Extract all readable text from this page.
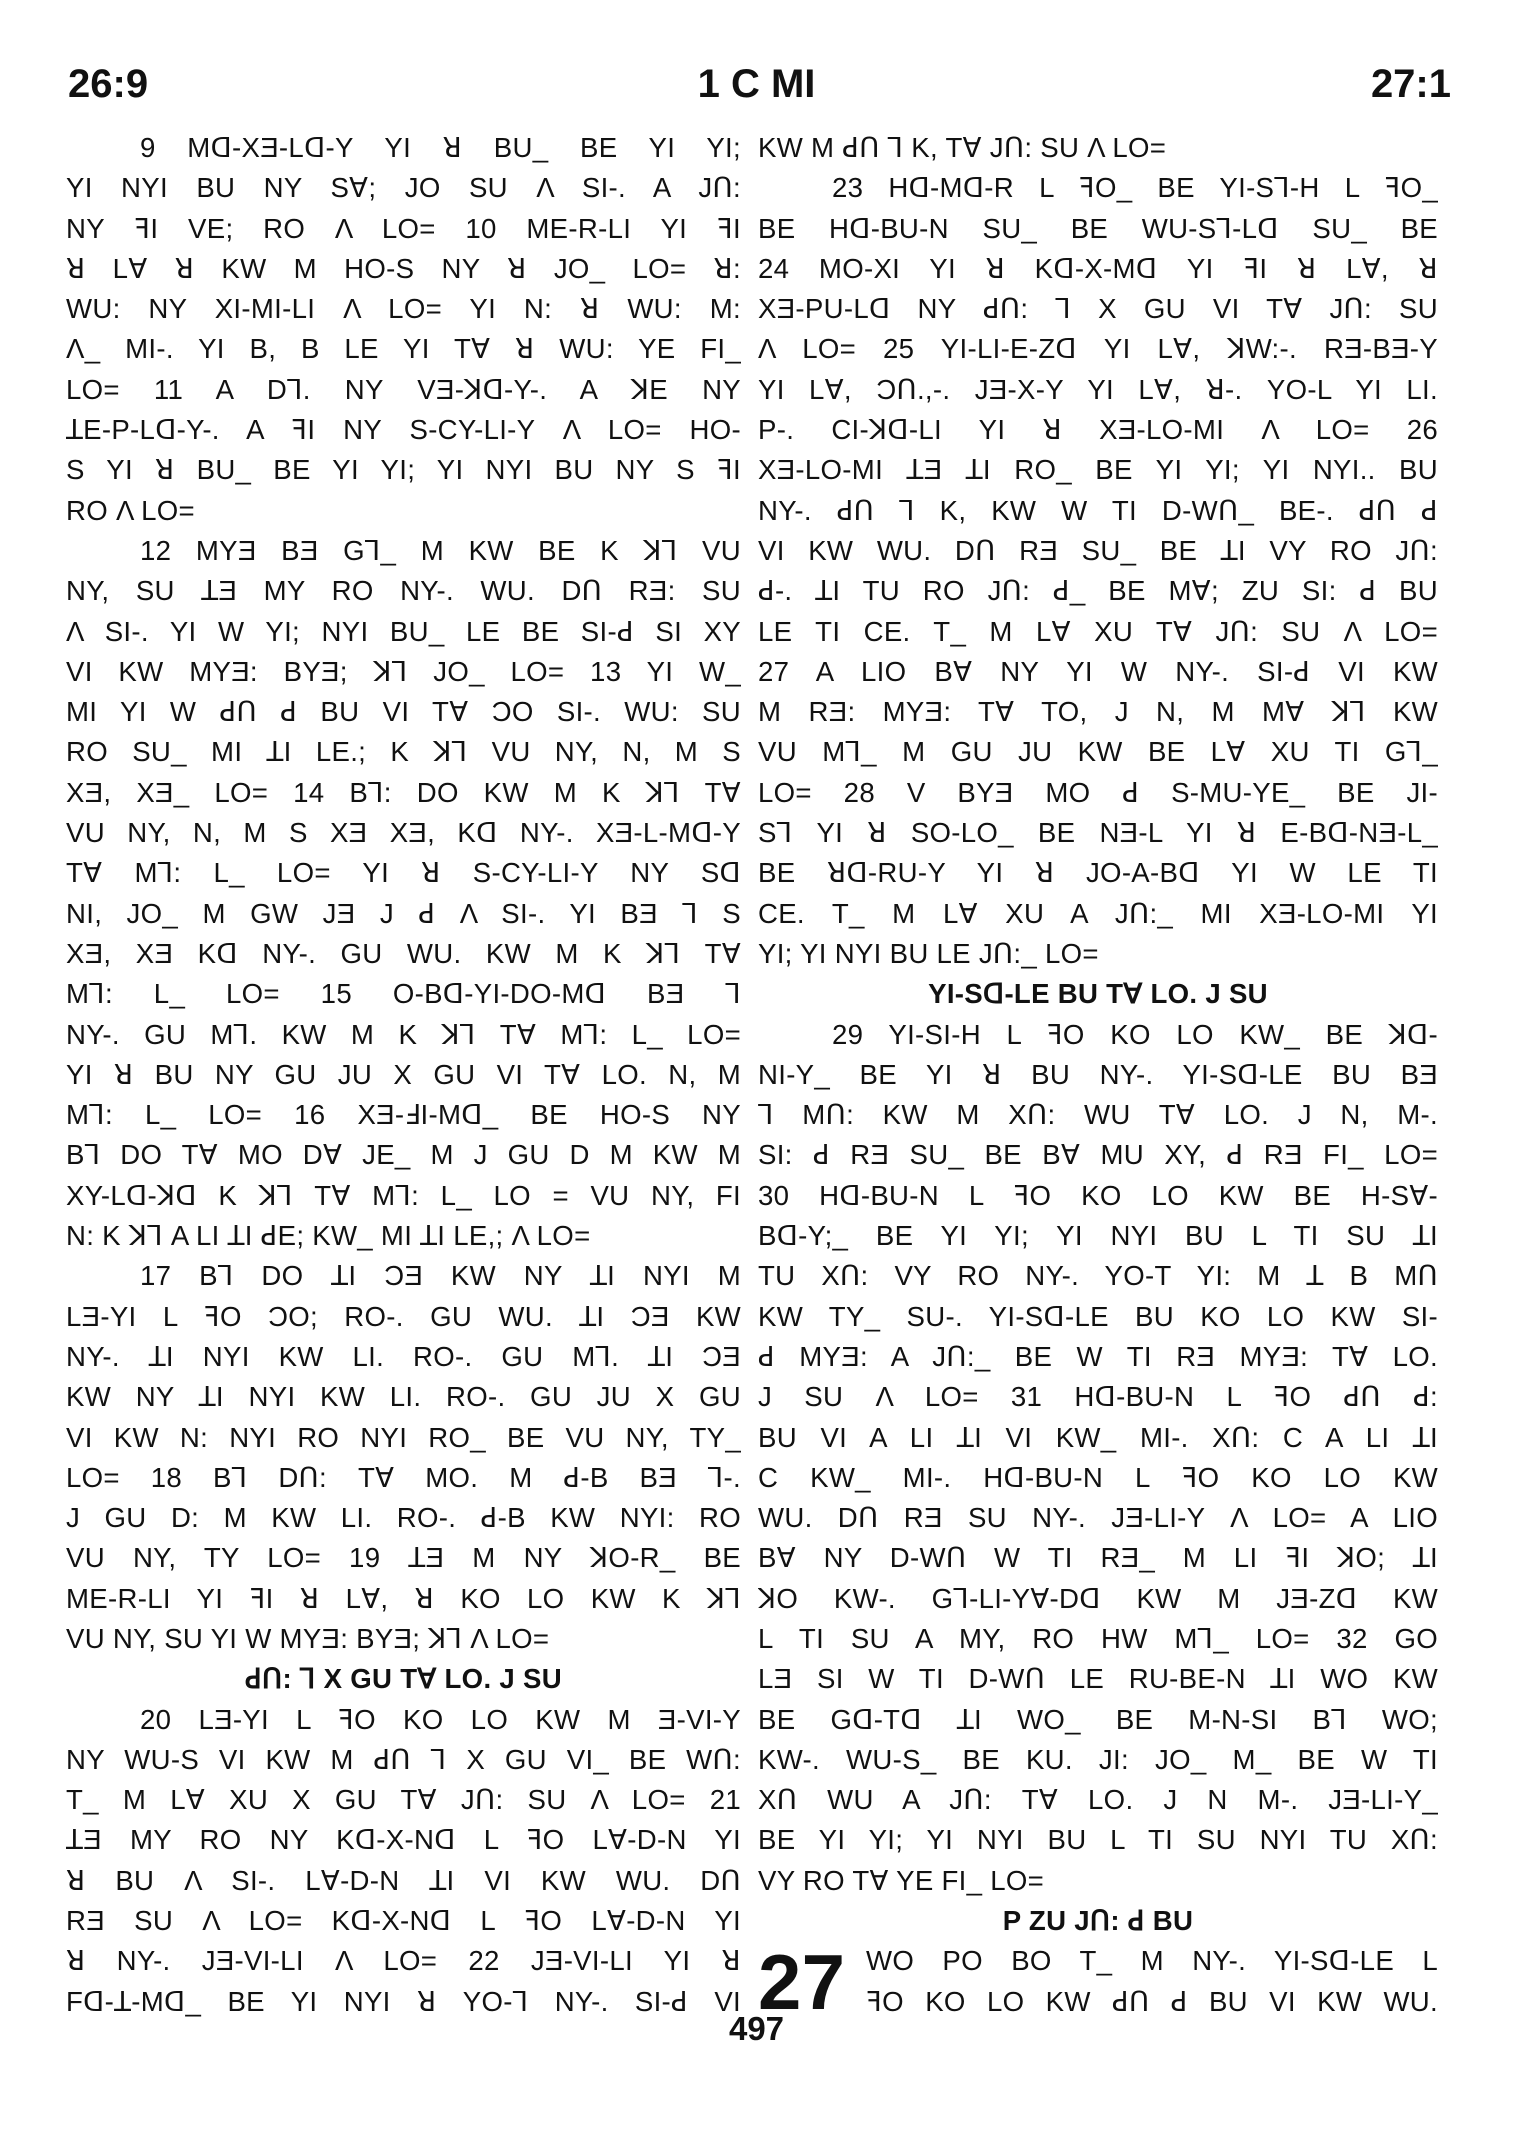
26:9	1 C MI	27:1
9 Mꓷ-XƎ-Lꓷ-Y YI ꓤ BU_ BE YI YI;
YI NYI BU NY SⱯ; JO SU Λ SI-. A Jꓵ:
NY ꟻI VE; RO Λ LO= 10 ME-R-LI YI ꟻI
ꓤ LⱯ ꓤ KW M HO-S NY ꓤ JO_ LO= ꓤ:
WU: NY XI-MI-LI Λ LO= YI N: ꓤ WU: M:
Λ_ MI-. YI B, B LE YI TⱯ ꓤ WU: YE FI_
LO= 11 A Dꓶ. NY VƎ-ꓘꓷ-Y-. A ꓘE NY
ꓕE-P-Lꓷ-Y-. A ꟻI NY S-CY-LI-Y Λ LO= HO-
S YI ꓤ BU_ BE YI YI; YI NYI BU NY S ꟻI
RO Λ LO=
12 MYƎ BƎ Gꓶ_ M KW BE K ꓘꓶ VU
NY, SU ꓕƎ MY RO NY-. WU. Dꓵ RƎ: SU
Λ SI-. YI W YI; NYI BU_ LE BE SI-ꓒ SI XY
VI KW MYƎ: BYƎ; ꓘꓶ JO_ LO= 13 YI W_
MI YI W ꓒꓵ ꓒ BU VI TⱯ ƆO SI-. WU: SU
RO SU_ MI ꓕI LE.; K ꓘꓶ VU NY, N, M S
XƎ, XƎ_ LO= 14 Bꓶ: DO KW M K ꓘꓶ TⱯ
VU NY, N, M S XƎ XƎ, Kꓷ NY-. XƎ-L-Mꓷ-Y
TⱯ Mꓶ: L_ LO= YI ꓤ S-CY-LI-Y NY Sꓷ
NI, JO_ M GW JƎ J ꓒ Λ SI-. YI BƎ ꓶ S
XƎ, XƎ Kꓷ NY-. GU WU. KW M K ꓘꓶ TⱯ
Mꓶ: L_ LO= 15 O-Bꓷ-YI-DO-Mꓷ BƎ ꓶ
NY-. GU Mꓶ. KW M K ꓘꓶ TⱯ Mꓶ: L_ LO=
YI ꓤ BU NY GU JU X GU VI TⱯ LO. N, M
Mꓶ: L_ LO= 16 XƎ-ꓞI-Mꓷ_ BE HO-S NY
Bꓶ DO TⱯ MO DⱯ JE_ M J GU D M KW M
XY-Lꓷ-ꓘꓷ K ꓘꓶ TⱯ Mꓶ: L_ LO = VU NY, FI
N: K ꓘꓶ A LI ꓕI ꓒE; KW_ MI ꓕI LE,; Λ LO=
17 Bꓶ DO ꓕI ƆƎ KW NY ꓕI NYI M
LƎ-YI L ꟻO ƆO; RO-. GU WU. ꓕI ƆƎ KW
NY-. ꓕI NYI KW LI. RO-. GU Mꓶ. ꓕI ƆƎ
KW NY ꓕI NYI KW LI. RO-. GU JU X GU
VI KW N: NYI RO NYI RO_ BE VU NY, TY_
LO= 18 Bꓶ Dꓵ: TⱯ MO. M ꓒ-B BƎ ꓶ-.
J GU D: M KW LI. RO-. ꓒ-B KW NYI: RO
VU NY, TY LO= 19 ꓕƎ M NY ꓘO-R_ BE
ME-R-LI YI ꟻI ꓤ LⱯ, ꓤ KO LO KW K ꓘꓶ
VU NY, SU YI W MYƎ: BYƎ; ꓘꓶ Λ LO=
ꓒꓵ: ꓶ X GU TⱯ LO. J SU
20 LƎ-YI L ꟻO KO LO KW M Ǝ-VI-Y
NY WU-S VI KW M ꓒꓵ ꓶ X GU VI_ BE Wꓵ:
T_ M LⱯ XU X GU TⱯ Jꓵ: SU Λ LO= 21
ꓕƎ MY RO NY Kꓷ-X-Nꓷ L ꟻO LⱯ-D-N YI
ꓤ BU Λ SI-. LⱯ-D-N ꓕI VI KW WU. Dꓵ
RƎ SU Λ LO= Kꓷ-X-Nꓷ L ꟻO LⱯ-D-N YI
ꓤ NY-. JƎ-VI-LI Λ LO= 22 JƎ-VI-LI YI ꓤ
Fꓷ-ꓕ-Mꓷ_ BE YI NYI ꓤ YO-ꓶ NY-. SI-ꓒ VI
KW M ꓒꓵ ꓶ K, TⱯ Jꓵ: SU Λ LO=
23 Hꓷ-Mꓷ-R L ꟻO_ BE YI-Sꓶ-H L ꟻO_
BE Hꓷ-BU-N SU_ BE WU-Sꓶ-Lꓷ SU_ BE
24 MO-XI YI ꓤ Kꓷ-X-Mꓷ YI ꟻI ꓤ LⱯ, ꓤ
XƎ-PU-Lꓷ NY ꓒꓵ: ꓶ X GU VI TⱯ Jꓵ: SU
Λ LO= 25 YI-LI-E-Zꓷ YI LⱯ, ꓘW:-. RƎ-BƎ-Y
YI LⱯ, Ɔꓵ.,-. JƎ-X-Y YI LⱯ, ꓤ-. YO-L YI LI.
P-. CI-ꓘꓷ-LI YI ꓤ XƎ-LO-MI Λ LO= 26
XƎ-LO-MI ꓕƎ ꓕI RO_ BE YI YI; YI NYI.. BU
NY-. ꓒꓵ ꓶ K, KW W TI D-Wꓵ_ BE-. ꓒꓵ ꓒ
VI KW WU. Dꓵ RƎ SU_ BE ꓕI VY RO Jꓵ:
ꓒ-. ꓕI TU RO Jꓵ: ꓒ_ BE MⱯ; ZU SI: ꓒ BU
LE TI CE. T_ M LⱯ XU TⱯ Jꓵ: SU Λ LO=
27 A LIO BⱯ NY YI W NY-. SI-ꓒ VI KW
M RƎ: MYƎ: TⱯ TO, J N, M MⱯ ꓘꓶ KW
VU Mꓶ_ M GU JU KW BE LⱯ XU TI Gꓶ_
LO= 28 V BYƎ MO ꓒ S-MU-YE_ BE JI-
Sꓶ YI ꓤ SO-LO_ BE NƎ-L YI ꓤ E-Bꓷ-NƎ-L_
BE ꓤꓷ-RU-Y YI ꓤ JO-A-Bꓷ YI W LE TI
CE. T_ M LⱯ XU A Jꓵ:_ MI XƎ-LO-MI YI
YI; YI NYI BU LE Jꓵ:_ LO=
YI-Sꓷ-LE BU TⱯ LO. J SU
29 YI-SI-H L ꟻO KO LO KW_ BE ꓘꓷ-
NI-Y_ BE YI ꓤ BU NY-. YI-Sꓷ-LE BU BƎ
ꓶ Mꓵ: KW M Xꓵ: WU TⱯ LO. J N, M-.
SI: ꓒ RƎ SU_ BE BⱯ MU XY, ꓒ RƎ FI_ LO=
30 Hꓷ-BU-N L ꟻO KO LO KW BE H-SⱯ-
Bꓷ-Y;_ BE YI YI; YI NYI BU L TI SU ꓕI
TU Xꓵ: VY RO NY-. YO-T YI: M ꓕ B Mꓵ
KW TY_ SU-. YI-Sꓷ-LE BU KO LO KW SI-
ꓒ MYƎ: A Jꓵ:_ BE W TI RƎ MYƎ: TⱯ LO.
J SU Λ LO= 31 Hꓷ-BU-N L ꟻO ꓒꓵ ꓒ:
BU VI A LI ꓕI VI KW_ MI-. Xꓵ: C A LI ꓕI
C KW_ MI-. Hꓷ-BU-N L ꟻO KO LO KW
WU. Dꓵ RƎ SU NY-. JƎ-LI-Y Λ LO= A LIO
BⱯ NY D-Wꓵ W TI RƎ_ M LI ꟻI ꓘO; ꓕI
ꓘO KW-. Gꓶ-LI-YⱯ-Dꓷ KW M JƎ-Zꓷ KW
L TI SU A MY, RO HW Mꓶ_ LO= 32 GO
LƎ SI W TI D-Wꓵ LE RU-BE-N ꓕI WO KW
BE Gꓷ-Tꓷ ꓕI WO_ BE M-N-SI Bꓶ WO;
KW-. WU-S_ BE KU. JI: JO_ M_ BE W TI
Xꓵ WU A Jꓵ: TⱯ LO. J N M-. JƎ-LI-Y_
BE YI YI; YI NYI BU L TI SU NYI TU Xꓵ:
VY RO TⱯ YE FI_ LO=
P ZU Jꓵ: ꓒ BU
27 WO PO BO T_ M NY-. YI-Sꓷ-LE L
ꟻO KO LO KW ꓒꓵ ꓒ BU VI KW WU.
497
